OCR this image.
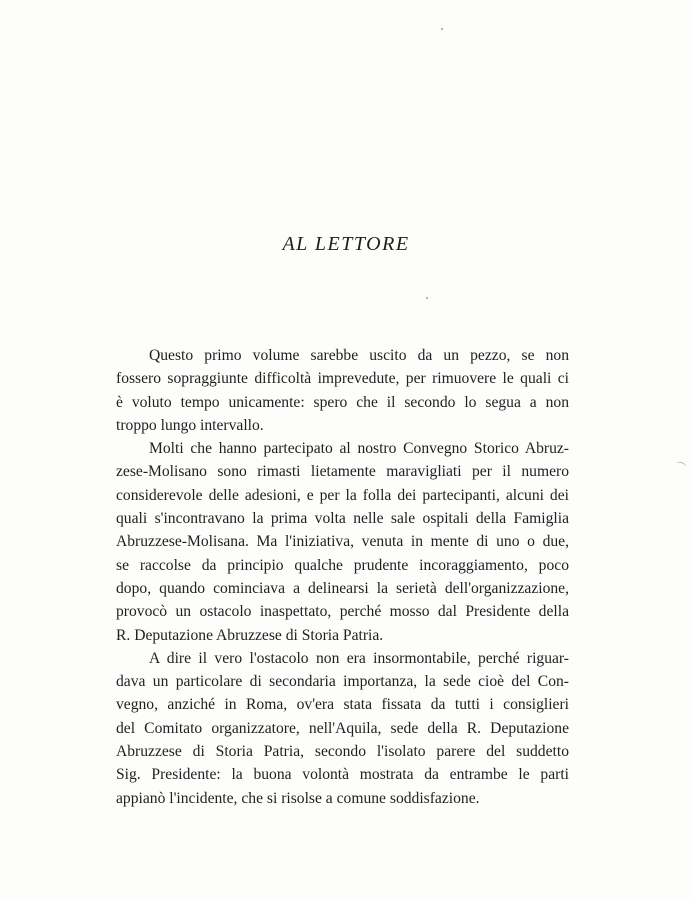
AL LETTORE
Questo primo volume sarebbe uscito da un pezzo, se non
fossero sopraggiunte difficoltà imprevedute, per rimuovere le quali ci
è voluto tempo unicamente: spero che il secondo lo segua a non
troppo lungo intervallo.
Molti che hanno partecipato al nostro Convegno Storico Abruz-
zese-Molisano sono rimasti lietamente maravigliati per il numero
considerevole delle adesioni, e per la folla dei partecipanti, alcuni dei
quali s'incontravano la prima volta nelle sale ospitali della Famiglia
Abruzzese-Molisana. Ma l'iniziativa, venuta in mente di uno o due,
se raccolse da principio qualche prudente incoraggiamento, poco
dopo, quando cominciava a delinearsi la serietà dell'organizzazione,
provocò un ostacolo inaspettato, perché mosso dal Presidente della
R. Deputazione Abruzzese di Storia Patria.
A dire il vero l'ostacolo non era insormontabile, perché riguar-
dava un particolare di secondaria importanza, la sede cioè del Con-
vegno, anziché in Roma, ov'era stata fissata da tutti i consiglieri
del Comitato organizzatore, nell'Aquila, sede della R. Deputazione
Abruzzese di Storia Patria, secondo l'isolato parere del suddetto
Sig. Presidente: la buona volontà mostrata da entrambe le parti
appianò l'incidente, che si risolse a comune soddisfazione.
